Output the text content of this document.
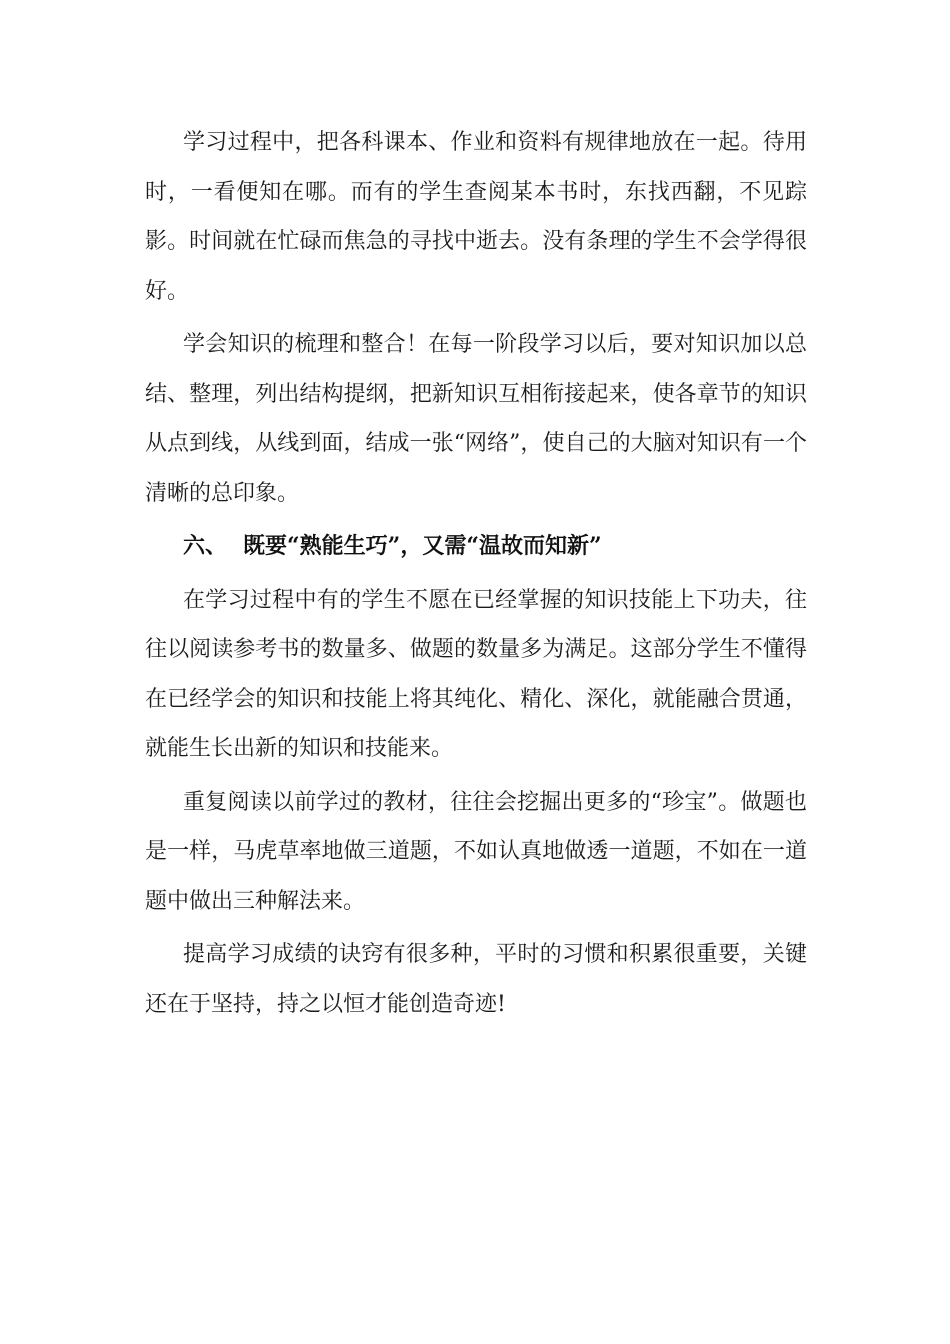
学习过程中，把各科课本、作业和资料有规律地放在一起。待用时，一看便知在哪。而有的学生查阅某本书时，东找西翻，不见踪影。时间就在忙碌而焦急的寻找中逝去。没有条理的学生不会学得很好。

学会知识的梳理和整合！在每一阶段学习以后，要对知识加以总结、整理，列出结构提纲，把新知识互相衔接起来，使各章节的知识从点到线，从线到面，结成一张“网络”，使自己的大脑对知识有一个清晰的总印象。

六、 既要“熟能生巧”，又需“温故而知新”

在学习过程中有的学生不愿在已经掌握的知识技能上下功夫，往往以阅读参考书的数量多、做题的数量多为满足。这部分学生不懂得在已经学会的知识和技能上将其纯化、精化、深化，就能融合贯通，就能生长出新的知识和技能来。

重复阅读以前学过的教材，往往会挖掘出更多的“珍宝”。做题也是一样，马虎草率地做三道题，不如认真地做透一道题，不如在一道题中做出三种解法来。

提高学习成绩的诀窍有很多种，平时的习惯和积累很重要，关键还在于坚持，持之以恒才能创造奇迹!
